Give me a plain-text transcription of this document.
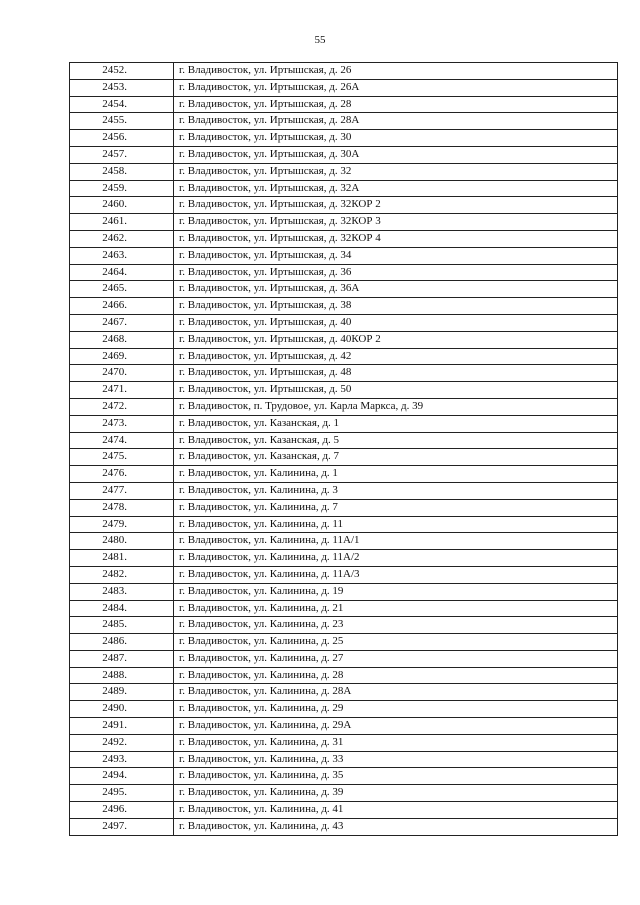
55
2452.	г. Владивосток, ул. Иртышская, д. 26
2453.	г. Владивосток, ул. Иртышская, д. 26А
2454.	г. Владивосток, ул. Иртышская, д. 28
2455.	г. Владивосток, ул. Иртышская, д. 28А
2456.	г. Владивосток, ул. Иртышская, д. 30
2457.	г. Владивосток, ул. Иртышская, д. 30А
2458.	г. Владивосток, ул. Иртышская, д. 32
2459.	г. Владивосток, ул. Иртышская, д. 32А
2460.	г. Владивосток, ул. Иртышская, д. 32КОР 2
2461.	г. Владивосток, ул. Иртышская, д. 32КОР 3
2462.	г. Владивосток, ул. Иртышская, д. 32КОР 4
2463.	г. Владивосток, ул. Иртышская, д. 34
2464.	г. Владивосток, ул. Иртышская, д. 36
2465.	г. Владивосток, ул. Иртышская, д. 36А
2466.	г. Владивосток, ул. Иртышская, д. 38
2467.	г. Владивосток, ул. Иртышская, д. 40
2468.	г. Владивосток, ул. Иртышская, д. 40КОР 2
2469.	г. Владивосток, ул. Иртышская, д. 42
2470.	г. Владивосток, ул. Иртышская, д. 48
2471.	г. Владивосток, ул. Иртышская, д. 50
2472.	г. Владивосток, п. Трудовое, ул. Карла Маркса, д. 39
2473.	г. Владивосток, ул. Казанская, д. 1
2474.	г. Владивосток, ул. Казанская, д. 5
2475.	г. Владивосток, ул. Казанская, д. 7
2476.	г. Владивосток, ул. Калинина, д. 1
2477.	г. Владивосток, ул. Калинина, д. 3
2478.	г. Владивосток, ул. Калинина, д. 7
2479.	г. Владивосток, ул. Калинина, д. 11
2480.	г. Владивосток, ул. Калинина, д. 11А/1
2481.	г. Владивосток, ул. Калинина, д. 11А/2
2482.	г. Владивосток, ул. Калинина, д. 11А/3
2483.	г. Владивосток, ул. Калинина, д. 19
2484.	г. Владивосток, ул. Калинина, д. 21
2485.	г. Владивосток, ул. Калинина, д. 23
2486.	г. Владивосток, ул. Калинина, д. 25
2487.	г. Владивосток, ул. Калинина, д. 27
2488.	г. Владивосток, ул. Калинина, д. 28
2489.	г. Владивосток, ул. Калинина, д. 28А
2490.	г. Владивосток, ул. Калинина, д. 29
2491.	г. Владивосток, ул. Калинина, д. 29А
2492.	г. Владивосток, ул. Калинина, д. 31
2493.	г. Владивосток, ул. Калинина, д. 33
2494.	г. Владивосток, ул. Калинина, д. 35
2495.	г. Владивосток, ул. Калинина, д. 39
2496.	г. Владивосток, ул. Калинина, д. 41
2497.	г. Владивосток, ул. Калинина, д. 43
